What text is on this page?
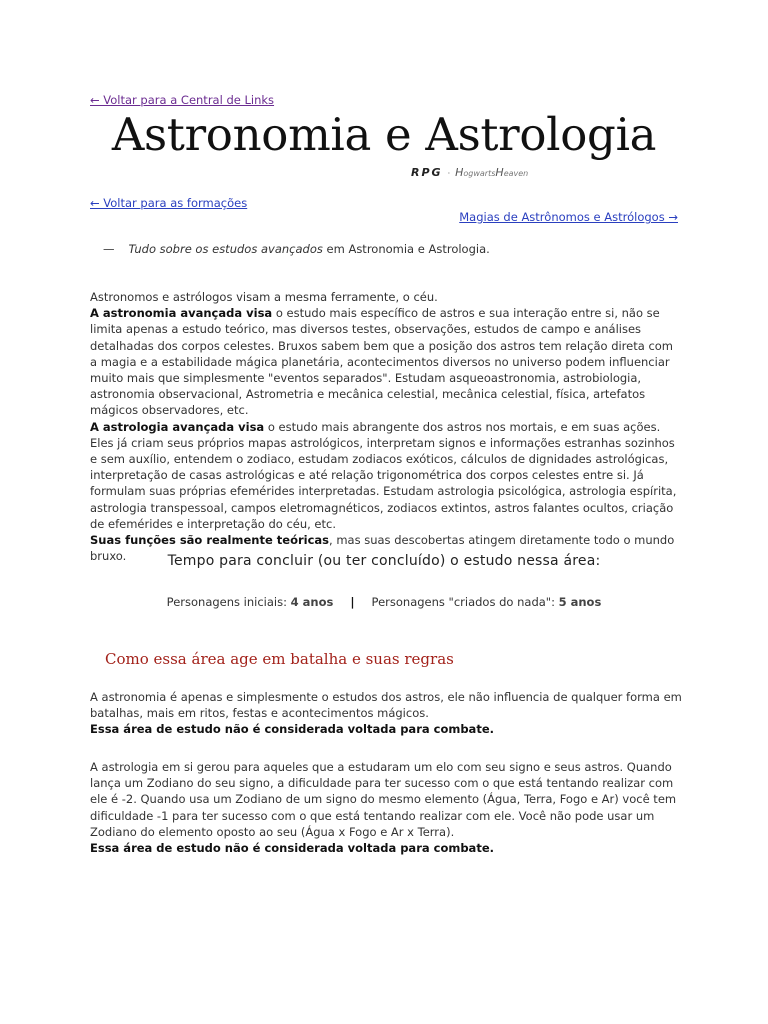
← Voltar para a Central de Links
Astronomia e Astrologia
RPG · HogwartsHeaven
← Voltar para as formações
Magias de Astrônomos e Astrólogos →
— Tudo sobre os estudos avançados em Astronomia e Astrologia.

Astronomos e astrólogos visam a mesma ferramente, o céu.

A astronomia avançada visa o estudo mais específico de astros e sua interação entre si, não se limita apenas a estudo teórico, mas diversos testes, observações, estudos de campo e análises detalhadas dos corpos celestes. Bruxos sabem bem que a posição dos astros tem relação direta com a magia e a estabilidade mágica planetária, acontecimentos diversos no universo podem influenciar muito mais que simplesmente "eventos separados". Estudam asqueoastronomia, astrobiologia, astronomia observacional, Astrometria e mecânica celestial, mecânica celestial, física, artefatos mágicos observadores, etc.

A astrologia avançada visa o estudo mais abrangente dos astros nos mortais, e em suas ações. Eles já criam seus próprios mapas astrológicos, interpretam signos e informações estranhas sozinhos e sem auxílio, entendem o zodiaco, estudam zodiacos exóticos, cálculos de dignidades astrológicas, interpretação de casas astrológicas e até relação trigonométrica dos corpos celestes entre si. Já formulam suas próprias efemérides interpretadas. Estudam astrologia psicológica, astrologia espírita, astrologia transpessoal, campos eletromagnéticos, zodiacos extintos, astros falantes ocultos, criação de efemérides e interpretação do céu, etc.

Suas funções são realmente teóricas, mas suas descobertas atingem diretamente todo o mundo bruxo.	Tempo para concluir (ou ter concluído) o estudo nessa área:
Personagens iniciais: 4 anos | Personagens "criados do nada": 5 anos
Como essa área age em batalha e suas regras

A astronomia é apenas e simplesmente o estudos dos astros, ele não influencia de qualquer forma em batalhas, mais em ritos, festas e acontecimentos mágicos.

Essa área de estudo não é considerada voltada para combate.

A astrologia em si gerou para aqueles que a estudaram um elo com seu signo e seus astros. Quando lança um Zodiano do seu signo, a dificuldade para ter sucesso com o que está tentando realizar com ele é -2. Quando usa um Zodiano de um signo do mesmo elemento (Água, Terra, Fogo e Ar) você tem dificuldade -1 para ter sucesso com o que está tentando realizar com ele. Você não pode usar um Zodiano do elemento oposto ao seu (Água x Fogo e Ar x Terra).

Essa área de estudo não é considerada voltada para combate.
